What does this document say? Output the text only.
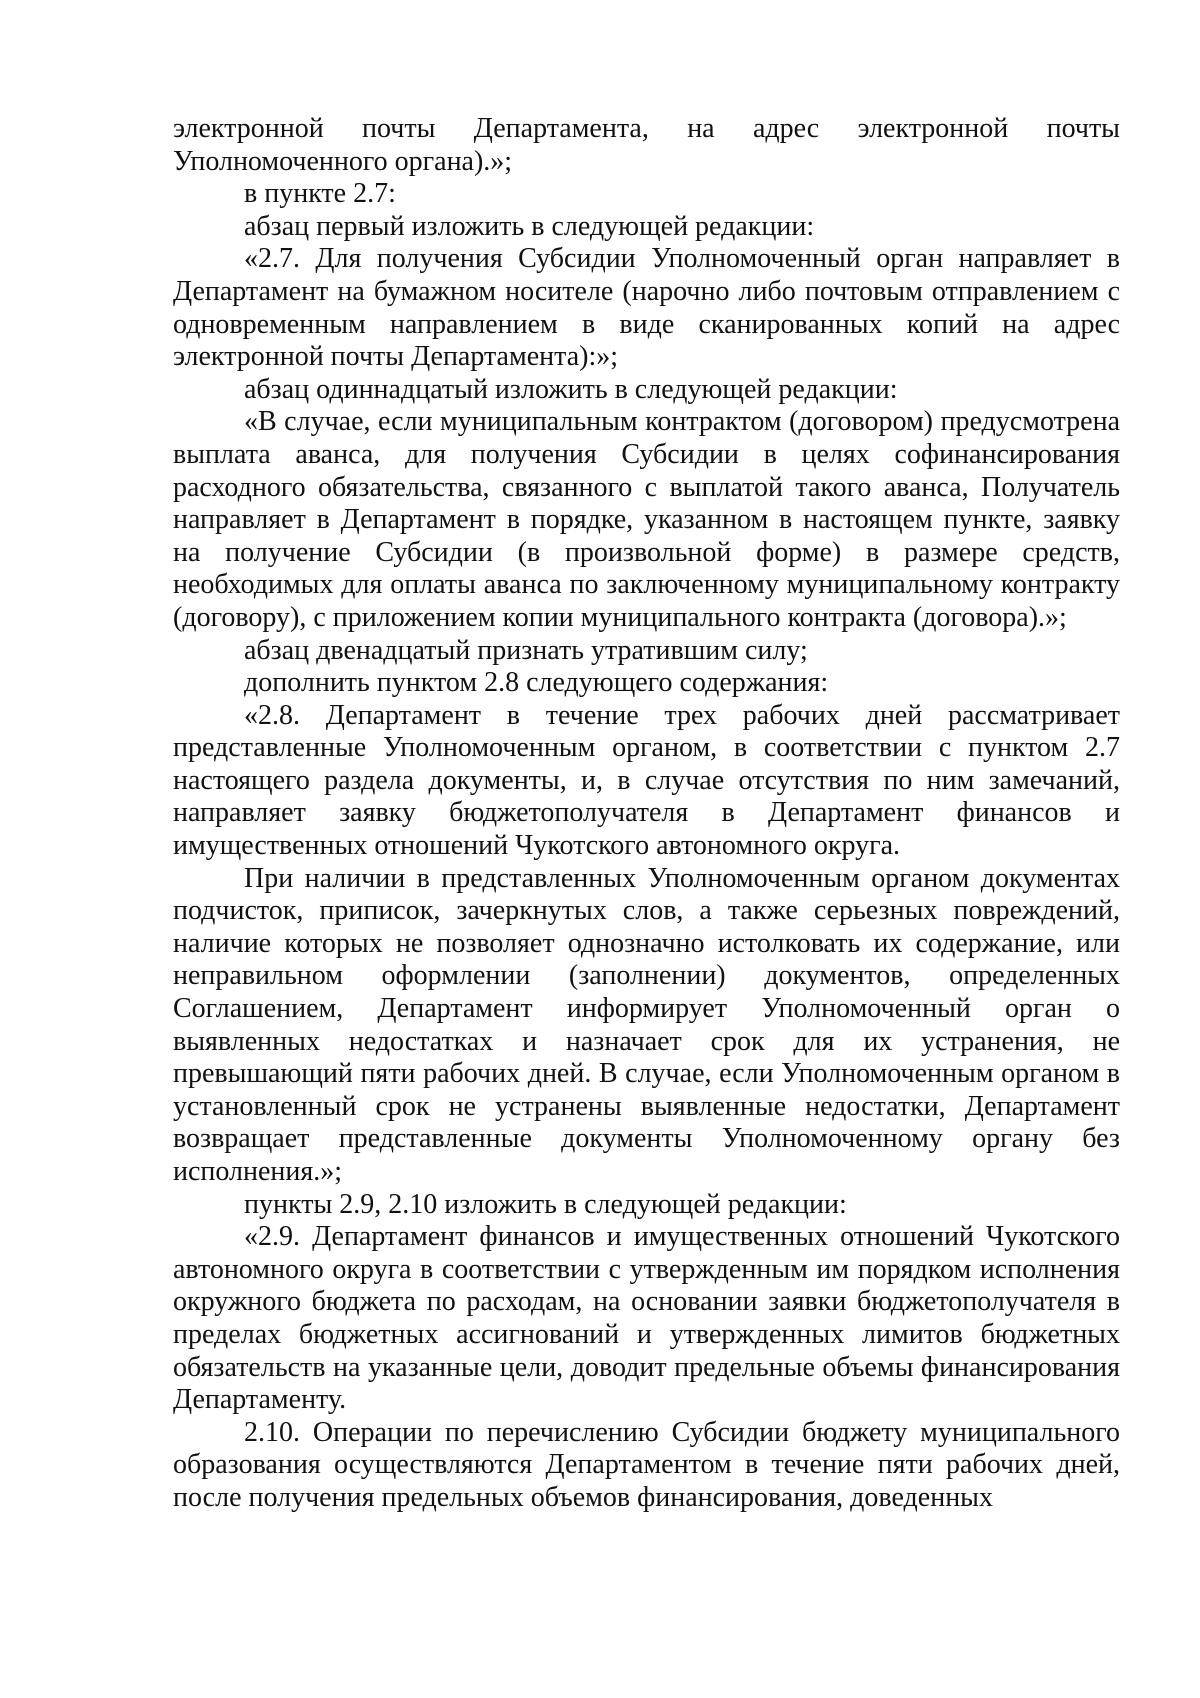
электронной почты Департамента, на адрес электронной почты Уполномоченного органа).»;

в пункте 2.7:

абзац первый изложить в следующей редакции:

«2.7. Для получения Субсидии Уполномоченный орган направляет в Департамент на бумажном носителе (нарочно либо почтовым отправлением с одновременным направлением в виде сканированных копий на адрес электронной почты Департамента):»;

абзац одиннадцатый изложить в следующей редакции:

«В случае, если муниципальным контрактом (договором) предусмотрена выплата аванса, для получения Субсидии в целях софинансирования расходного обязательства, связанного с выплатой такого аванса, Получатель направляет в Департамент в порядке, указанном в настоящем пункте, заявку на получение Субсидии (в произвольной форме) в размере средств, необходимых для оплаты аванса по заключенному муниципальному контракту (договору), с приложением копии муниципального контракта (договора).»;

абзац двенадцатый признать утратившим силу;

дополнить пунктом 2.8 следующего содержания:

«2.8. Департамент в течение трех рабочих дней рассматривает представленные Уполномоченным органом, в соответствии с пунктом 2.7 настоящего раздела документы, и, в случае отсутствия по ним замечаний, направляет заявку бюджетополучателя в Департамент финансов и имущественных отношений Чукотского автономного округа.

При наличии в представленных Уполномоченным органом документах подчисток, приписок, зачеркнутых слов, а также серьезных повреждений, наличие которых не позволяет однозначно истолковать их содержание, или неправильном оформлении (заполнении) документов, определенных Соглашением, Департамент информирует Уполномоченный орган о выявленных недостатках и назначает срок для их устранения, не превышающий пяти рабочих дней. В случае, если Уполномоченным органом в установленный срок не устранены выявленные недостатки, Департамент возвращает представленные документы Уполномоченному органу без исполнения.»;

пункты 2.9, 2.10 изложить в следующей редакции:

«2.9. Департамент финансов и имущественных отношений Чукотского автономного округа в соответствии с утвержденным им порядком исполнения окружного бюджета по расходам, на основании заявки бюджетополучателя в пределах бюджетных ассигнований и утвержденных лимитов бюджетных обязательств на указанные цели, доводит предельные объемы финансирования Департаменту.

2.10. Операции по перечислению Субсидии бюджету муниципального образования осуществляются Департаментом в течение пяти рабочих дней, после получения предельных объемов финансирования, доведенных
